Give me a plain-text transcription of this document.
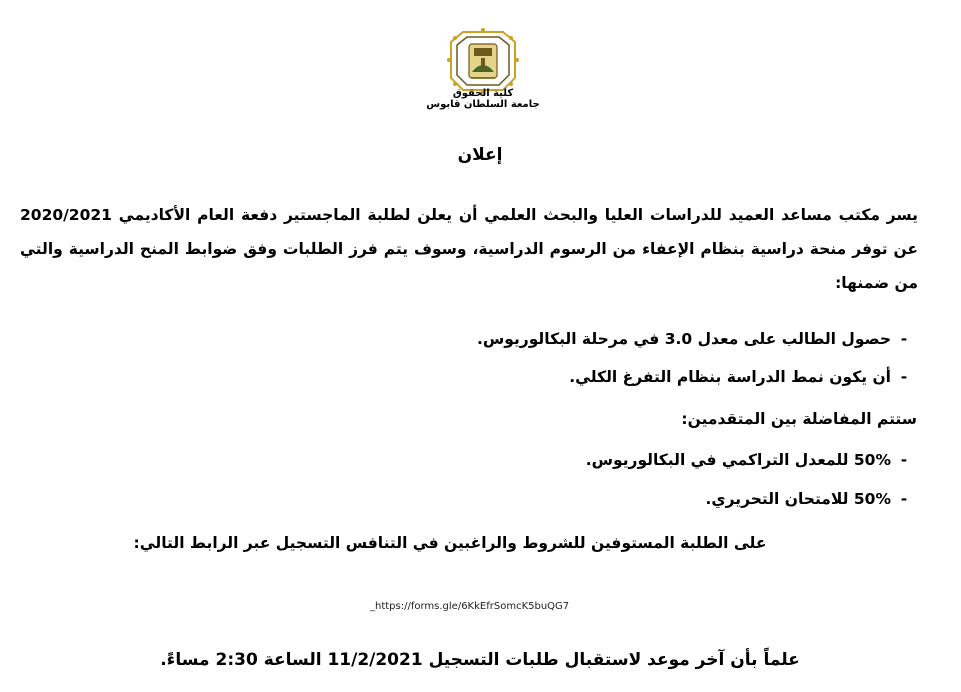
كلية الحقوق
جامعة السلطان قابوس
إعلان
يسر مكتب مساعد العميد للدراسات العليا والبحث العلمي أن يعلن لطلبة الماجستير دفعة العام الأكاديمي 2020/2021 عن توفر منحة دراسية بنظام الإعفاء من الرسوم الدراسية، وسوف يتم فرز الطلبات وفق ضوابط المنح الدراسية والتي من ضمنها:
-
حصول الطالب على معدل 3.0 في مرحلة البكالوريوس.
-
أن يكون نمط الدراسة بنظام التفرغ الكلي.
ستتم المفاضلة بين المتقدمين:
-
50% للمعدل التراكمي في البكالوريوس.
-
50% للامتحان التحريري.
على الطلبة المستوفين للشروط والراغبين في التنافس التسجيل عبر الرابط التالي:
_https://forms.gle/6KkEfrSomcK5buQG7
علماً بأن آخر موعد لاستقبال طلبات التسجيل 11/2/2021 الساعة 2:30 مساءً.
